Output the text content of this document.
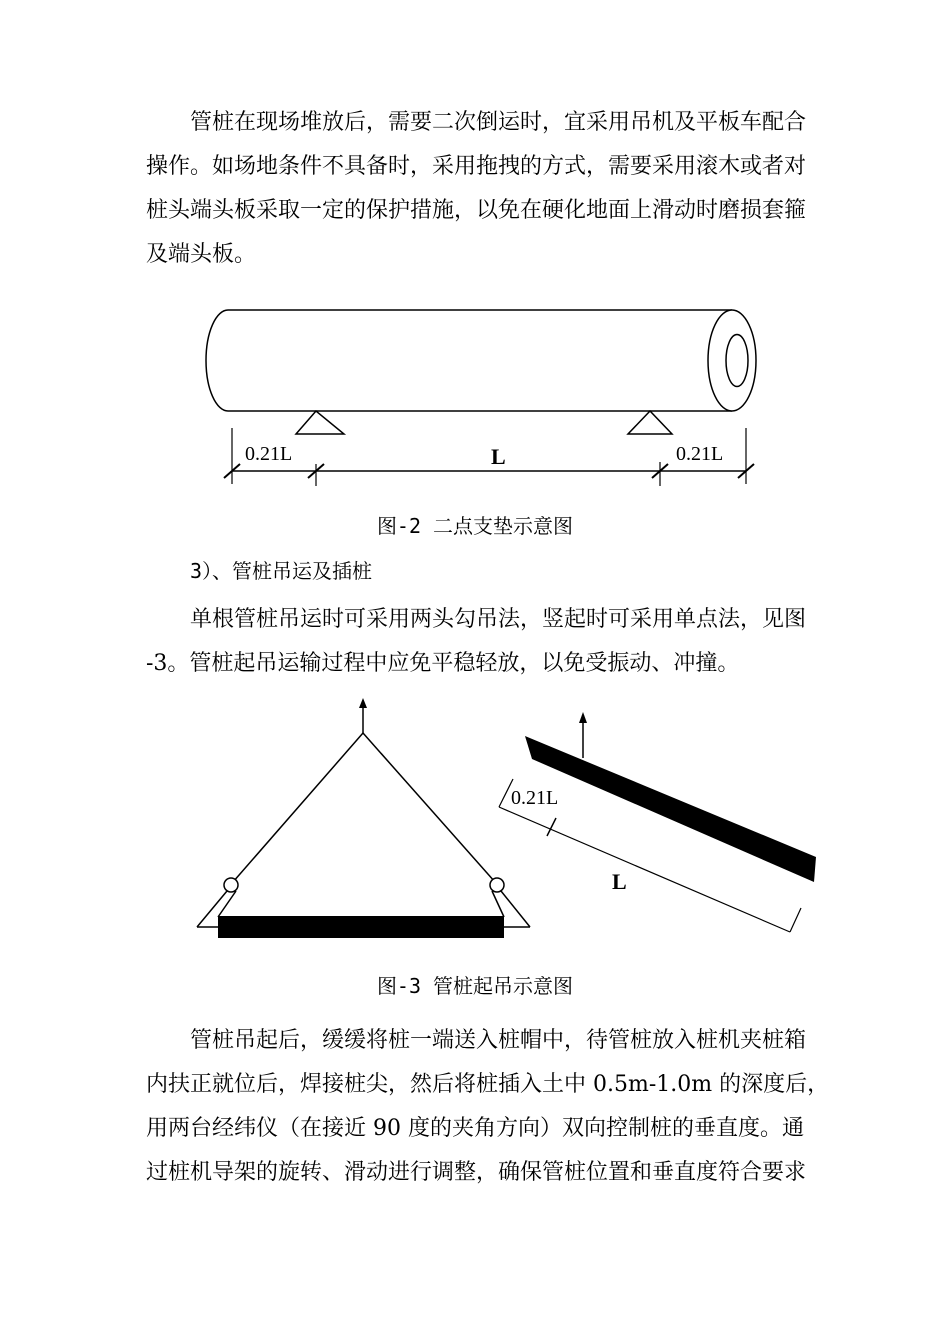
管桩在现场堆放后，需要二次倒运时，宜采用吊机及平板车配合
操作。如场地条件不具备时，采用拖拽的方式，需要采用滚木或者对
桩头端头板采取一定的保护措施，以免在硬化地面上滑动时磨损套箍
及端头板。
0.21L	L	0.21L
图-2 二点支垫示意图
3）、管桩吊运及插桩
单根管桩吊运时可采用两头勾吊法，竖起时可采用单点法，见图
-3。管桩起吊运输过程中应免平稳轻放，以免受振动、冲撞。
0.21L
L
图-3 管桩起吊示意图
管桩吊起后，缓缓将桩一端送入桩帽中，待管桩放入桩机夹桩箱
内扶正就位后，焊接桩尖，然后将桩插入土中 0.5m-1.0m 的深度后，
用两台经纬仪（在接近 90 度的夹角方向）双向控制桩的垂直度。通
过桩机导架的旋转、滑动进行调整，确保管桩位置和垂直度符合要求
